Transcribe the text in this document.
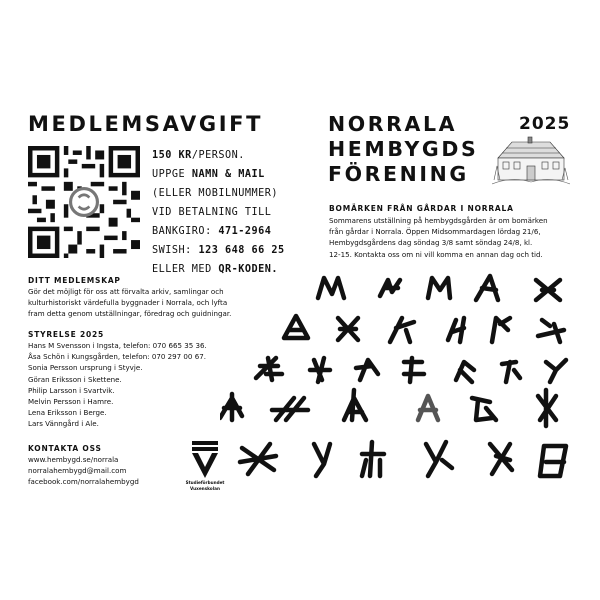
MEDLEMSAVGIFT
150 KR/PERSON.
UPPGE NAMN & MAIL
(ELLER MOBILNUMMER)
VID BETALNING TILL
BANKGIRO: 471-2964
SWISH: 123 648 66 25
ELLER MED QR-KODEN.
DITT MEDLEMSKAP
Gör det möjligt för oss att förvalta arkiv, samlingar och
kulturhistoriskt värdefulla byggnader i Norrala, och lyfta
fram detta genom utställningar, föredrag och guidningar.
STYRELSE 2025
Hans M Svensson i Ingsta, telefon: 070 665 35 36.
Åsa Schön i Kungsgården, telefon: 070 297 00 67.
Sonia Persson ursprung i Styvje.
Göran Eriksson i Skettene.
Philip Larsson i Svartvik.
Melvin Persson i Hamre.
Lena Eriksson i Berge.
Lars Vänngård i Ale.
KONTAKTA OSS
www.hembygd.se/norrala
norralahembygd@mail.com
facebook.com/norralahembygd	Studieförbundet
Vuxenskolan
NORRALA
HEMBYGDS
FÖRENING
2025
BOMÄRKEN FRÅN GÅRDAR I NORRALA
Sommarens utställning på hembygdsgården är om bomärken
från gårdar i Norrala. Öppen Midsommardagen lördag 21/6,
Hembygdsgårdens dag söndag 3/8 samt söndag 24/8, kl.
12-15. Kontakta oss om ni vill komma en annan dag och tid.
